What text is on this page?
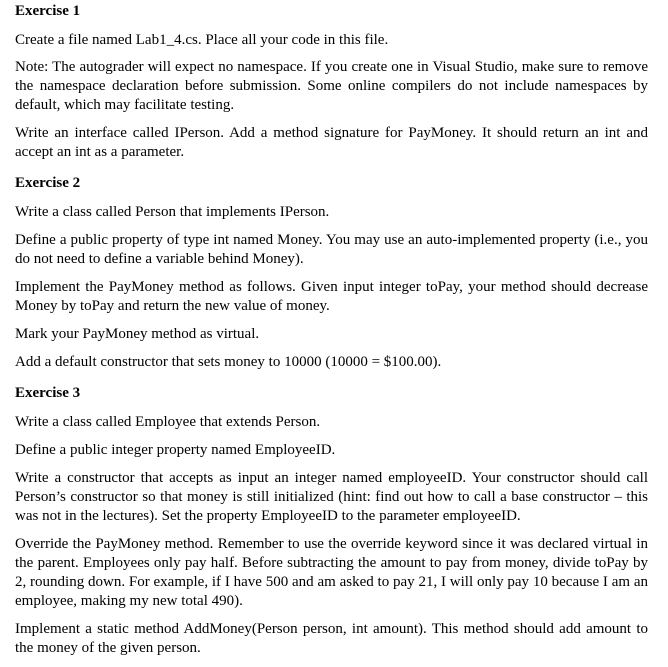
Exercise 1

Create a file named Lab1_4.cs. Place all your code in this file.

Note: The autograder will expect no namespace. If you create one in Visual Studio, make sure to remove the namespace declaration before submission. Some online compilers do not include namespaces by default, which may facilitate testing.

Write an interface called IPerson. Add a method signature for PayMoney. It should return an int and accept an int as a parameter.

Exercise 2

Write a class called Person that implements IPerson.

Define a public property of type int named Money. You may use an auto-implemented property (i.e., you do not need to define a variable behind Money).

Implement the PayMoney method as follows. Given input integer toPay, your method should decrease Money by toPay and return the new value of money.

Mark your PayMoney method as virtual.

Add a default constructor that sets money to 10000 (10000 = $100.00).

Exercise 3

Write a class called Employee that extends Person.

Define a public integer property named EmployeeID.

Write a constructor that accepts as input an integer named employeeID. Your constructor should call Person’s constructor so that money is still initialized (hint: find out how to call a base constructor – this was not in the lectures). Set the property EmployeeID to the parameter employeeID.

Override the PayMoney method. Remember to use the override keyword since it was declared virtual in the parent. Employees only pay half. Before subtracting the amount to pay from money, divide toPay by 2, rounding down. For example, if I have 500 and am asked to pay 21, I will only pay 10 because I am an employee, making my new total 490).

Implement a static method AddMoney(Person person, int amount). This method should add amount to the money of the given person.
